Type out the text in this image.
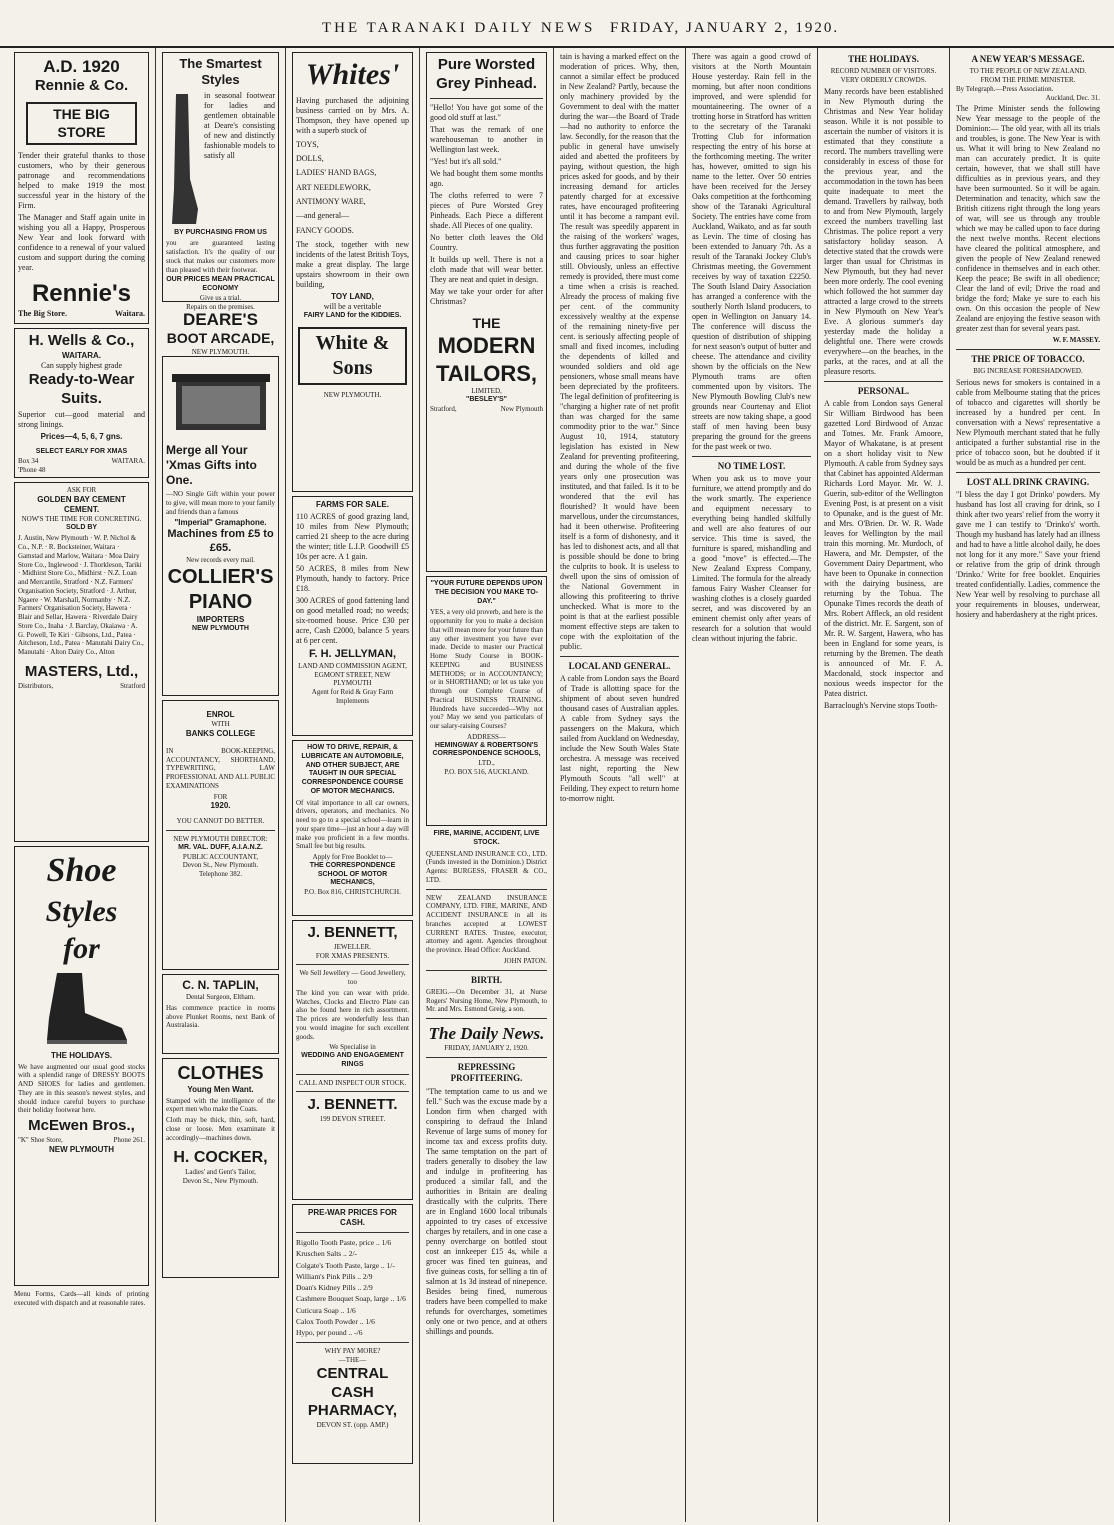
THE TARANAKI DAILY NEWS FRIDAY, JANUARY 2, 1920.
A.D. 1920
Rennie & Co.
THE BIG STORE

Tender their grateful thanks to those customers, who by their generous patronage and recommendations helped to make 1919 the most successful year in the history of the Firm.

The Manager and Staff again unite in wishing you all a Happy, Prosperous New Year and look forward with confidence to a renewal of your valued custom and support during the coming year.

Rennie's
The Big Store.	Waitara.
H. Wells & Co.,
WAITARA.
Can supply highest grade
Ready-to-Wear
Suits.

Superior cut—good material and strong linings.

Prices—4, 5, 6, 7 gns.
SELECT EARLY FOR XMAS
Box 34	WAITARA.
'Phone 48
ASK FOR
GOLDEN BAY CEMENT
CEMENT.
NOW'S THE TIME FOR CONCRETING.
SOLD BY

J. Austin, New Plymouth · W. P. Nichol & Co., N.P. · R. Bocksteiner, Waitara · Gamstad and Marlow, Waitara · Moa Dairy Store Co., Inglewood · J. Thorkleson, Tariki · Midhirst Store Co., Midhirst · N.Z. Loan and Mercantile, Stratford · N.Z. Farmers' Organisation Society, Stratford · J. Arthur, Ngaere · W. Marshall, Normanby · N.Z. Farmers' Organisation Society, Hawera · Blair and Sellar, Hawera · Riverdale Dairy Store Co., Inaha · J. Barclay, Okaiawa · A. G. Powell, Te Kiri · Gibsons, Ltd., Patea · Aitcheson, Ltd., Patea · Manutahi Dairy Co., Manutahi · Alton Dairy Co., Alton

MASTERS, Ltd.,
Distributors,	Stratford
Shoe
Styles
for
THE HOLIDAYS.

We have augmented our usual good stocks with a splendid range of DRESSY BOOTS AND SHOES for ladies and gentlemen. They are in this season's newest styles, and should induce careful buyers to purchase their holiday footwear here.

McEwen Bros.,
"K" Shoe Store,	Phone 261.
NEW PLYMOUTH

Menu Forms, Cards—all kinds of printing executed with dispatch and at reasonable rates.

The Smartest Styles

in seasonal footwear for ladies and gentlemen obtainable at Deare's consisting of new and distinctly fashionable models to satisfy all

BY PURCHASING FROM US

you are guaranteed lasting satisfaction. It's the quality of our stock that makes our customers more than pleased with their footwear.

OUR PRICES MEAN PRACTICAL ECONOMY
Give us a trial.
Repairs on the premises.
DEARE'S
BOOT ARCADE,
NEW PLYMOUTH.
Merge all Your 'Xmas Gifts into One.

—NO Single Gift within your power to give, will mean more to your family and friends than a famous

"Imperial" Gramaphone.
Machines from £5 to £65.
New records every mail.
COLLIER'S
PIANO
IMPORTERS
NEW PLYMOUTH
ENROL
WITH
BANKS COLLEGE

IN BOOK-KEEPING, ACCOUNTANCY, SHORTHAND, TYPEWRITING, LAW PROFESSIONAL AND ALL PUBLIC EXAMINATIONS

FOR
1920.
YOU CANNOT DO BETTER.
NEW PLYMOUTH DIRECTOR:
MR. VAL. DUFF, A.I.A.N.Z.
PUBLIC ACCOUNTANT,
Devon St., New Plymouth.
Telephone 382.
C. N. TAPLIN,
Dental Surgeon, Eltham.

Has commence practice in rooms above Plunket Rooms, next Bank of Australasia.

CLOTHES
Young Men Want.

Stamped with the intelligence of the expert men who make the Coats.

Cloth may be thick, thin, soft, hard, close or loose. Men examinate it accordingly—machines down.

H. COCKER,
Ladies' and Gent's Tailor,
Devon St., New Plymouth.
Whites'

Having purchased the adjoining business carried on by Mrs. A. Thompson, they have opened up with a superb stock of

TOYS,
DOLLS,
LADIES' HAND BAGS,
ART NEEDLEWORK,
ANTIMONY WARE,
—and general—
FANCY GOODS.

The stock, together with new incidents of the latest British Toys, make a great display. The large upstairs showroom in their own building,

TOY LAND,
will be a veritable
FAIRY LAND for the KIDDIES.
White & Sons
NEW PLYMOUTH.
FARMS FOR SALE.

110 ACRES of good grazing land, 10 miles from New Plymouth; carried 21 sheep to the acre during the winter; title L.I.P. Goodwill £5 10s per acre. A 1 gain.

50 ACRES, 8 miles from New Plymouth, handy to factory. Price £18.

300 ACRES of good fattening land on good metalled road; no weeds; six-roomed house. Price £30 per acre, Cash £2000, balance 5 years at 6 per cent.

F. H. JELLYMAN,
LAND AND COMMISSION AGENT, EGMONT STREET, NEW PLYMOUTH
Agent for Reid & Gray Farm Implements
HOW TO DRIVE, REPAIR, & LUBRICATE AN AUTOMOBILE, AND OTHER SUBJECT, ARE TAUGHT IN OUR SPECIAL CORRESPONDENCE COURSE OF MOTOR MECHANICS.

Of vital importance to all car owners, drivers, operators, and mechanics. No need to go to a special school—learn in your spare time—just an hour a day will make you proficient in a few months. Small fee but big results.

Apply for Free Booklet to—
THE CORRESPONDENCE SCHOOL OF MOTOR MECHANICS,
P.O. Box 816, CHRISTCHURCH.
J. BENNETT,
JEWELLER.
FOR XMAS PRESENTS.
We Sell Jewellery — Good Jewellery, too

The kind you can wear with pride. Watches, Clocks and Electro Plate can also be found here in rich assortment. The prices are wonderfully less than you would imagine for such excellent goods.

We Specialise in
WEDDING AND ENGAGEMENT RINGS
CALL AND INSPECT OUR STOCK.
J. BENNETT.
199 DEVON STREET.
PRE-WAR PRICES FOR CASH.
Rigollo Tooth Paste, price .. 1/6
Kruschen Salts .. 2/-
Colgate's Tooth Paste, large .. 1/-
William's Pink Pills .. 2/9
Doan's Kidney Pills .. 2/9
Cashmere Bouquet Soap, large .. 1/6
Cuticura Soap .. 1/6
Calox Tooth Powder .. 1/6
Hypo, per pound .. -/6
WHY PAY MORE?
—THE—
CENTRAL CASH PHARMACY,
DEVON ST. (opp. AMP.)
Pure Worsted
Grey Pinhead.

"Hello! You have got some of the good old stuff at last."

That was the remark of one warehouseman to another in Wellington last week.

"Yes! but it's all sold."

We had bought them some months ago.

The cloths referred to were 7 pieces of Pure Worsted Grey Pinheads. Each Piece a different shade. All Pieces of one quality.

No better cloth leaves the Old Country.

It builds up well. There is not a cloth made that will wear better. They are neat and quiet in design.

May we take your order for after Christmas?

THE
MODERN
TAILORS,
LIMITED,
"BESLEY'S"
Stratford,	New Plymouth
"YOUR FUTURE DEPENDS UPON THE DECISION YOU MAKE TO-DAY."

YES, a very old proverb, and here is the opportunity for you to make a decision that will mean more for your future than any other investment you have ever made. Decide to master our Practical Home Study Course in BOOK-KEEPING and BUSINESS METHODS; or in ACCOUNTANCY; or in SHORTHAND; or let us take you through our Complete Course of Practical BUSINESS TRAINING. Hundreds have succeeded—Why not you? May we send you particulars of our salary-raising Courses?

ADDRESS—
HEMINGWAY & ROBERTSON'S CORRESPONDENCE SCHOOLS,
LTD.,
P.O. BOX 516, AUCKLAND.
FIRE, MARINE, ACCIDENT, LIVE STOCK.

QUEENSLAND INSURANCE CO., LTD. (Funds invested in the Dominion.) District Agents: BURGESS, FRASER & CO., LTD.

NEW ZEALAND INSURANCE COMPANY, LTD. FIRE, MARINE, AND ACCIDENT INSURANCE in all its branches accepted at LOWEST CURRENT RATES. Trustee, executor, attorney and agent. Agencies throughout the province. Head Office: Auckland.

JOHN PATON.
BIRTH.

GREIG.—On December 31, at Nurse Rogers' Nursing Home, New Plymouth, to Mr. and Mrs. Esmond Greig, a son.

The Daily News.
FRIDAY, JANUARY 2, 1920.
REPRESSING PROFITEERING.

"The temptation came to us and we fell." Such was the excuse made by a London firm when charged with conspiring to defraud the Inland Revenue of large sums of money for income tax and excess profits duty. The same temptation on the part of traders generally to disobey the law and indulge in profiteering has produced a similar fall, and the authorities in Britain are dealing drastically with the culprits. There are in England 1600 local tribunals appointed to try cases of excessive charges by retailers, and in one case a penny overcharge on bottled stout cost an innkeeper £15 4s, while a grocer was fined ten guineas, and five guineas costs, for selling a tin of salmon at 1s 3d instead of ninepence. Besides being fined, numerous traders have been compelled to make refunds for overcharges, sometimes only one or two pence, and at others shillings and pounds.

tain is having a marked effect on the moderation of prices. Why, then, cannot a similar effect be produced in New Zealand? Partly, because the only machinery provided by the Government to deal with the matter during the war—the Board of Trade—had no authority to enforce the law. Secondly, for the reason that the public in general have unwisely aided and abetted the profiteers by paying, without question, the high prices asked for goods, and by their increasing demand for articles patently charged for at excessive rates, have encouraged profiteering until it has become a rampant evil. The result was speedily apparent in the raising of the workers' wages, thus further aggravating the position and causing prices to soar higher still. Obviously, unless an effective remedy is provided, there must come a time when a crisis is reached. Already the process of making five per cent. of the community excessively wealthy at the expense of the remaining ninety-five per cent. is seriously affecting people of small and fixed incomes, including the dependents of killed and wounded soldiers and old age pensioners, whose small means have been depreciated by the profiteers. The legal definition of profiteering is "charging a higher rate of net profit than was charged for the same commodity prior to the war." Since August 10, 1914, statutory legislation has existed in New Zealand for preventing profiteering, and during the whole of the five years only one prosecution was instituted, and that failed. Is it to be wondered that the evil has flourished? It would have been marvellous, under the circumstances, had it been otherwise. Profiteering itself is a form of dishonesty, and it has led to dishonest acts, and all that is possible should be done to bring the culprits to book. It is useless to dwell upon the sins of omission of the National Government in allowing this profiteering to thrive unchecked. What is more to the point is that at the earliest possible moment effective steps are taken to cope with the exploitation of the public.

LOCAL AND GENERAL.

A cable from London says the Board of Trade is allotting space for the shipment of about seven hundred thousand cases of Australian apples. A cable from Sydney says the passengers on the Makura, which sailed from Auckland on Wednesday, include the New South Wales State orchestra. A message was received last night, reporting the New Plymouth Scouts "all well" at Feilding. They expect to return home to-morrow night.

There was again a good crowd of visitors at the North Mountain House yesterday. Rain fell in the morning, but after noon conditions improved, and were splendid for mountaineering. The owner of a trotting horse in Stratford has written to the secretary of the Taranaki Trotting Club for information respecting the entry of his horse at the forthcoming meeting. The writer has, however, omitted to sign his name to the letter. Over 50 entries have been received for the Jersey Oaks competition at the forthcoming show of the Taranaki Agricultural Society. The entries have come from Auckland, Waikato, and as far south as Levin. The time of closing has been extended to January 7th. As a result of the Taranaki Jockey Club's Christmas meeting, the Government receives by way of taxation £2250. The South Island Dairy Association has arranged a conference with the southerly North Island producers, to open in Wellington on January 14. The conference will discuss the question of distribution of shipping for next season's output of butter and cheese. The attendance and civility shown by the officials on the New Plymouth trams are often commented upon by visitors. The New Plymouth Bowling Club's new grounds near Courtenay and Eliot streets are now taking shape, a good staff of men having been busy preparing the ground for the greens for the past week or two.

NO TIME LOST.

When you ask us to move your furniture, we attend promptly and do the work smartly. The experience and equipment necessary to everything being handled skilfully and well are also features of our service. This time is saved, the furniture is spared, mishandling and a good "move" is effected.—The New Zealand Express Company, Limited. The formula for the already famous Fairy Washer Cleanser for washing clothes is a closely guarded secret, and was discovered by an eminent chemist only after years of research for a solution that would clean without injuring the fabric.

THE HOLIDAYS.
RECORD NUMBER OF VISITORS.
VERY ORDERLY CROWDS.

Many records have been established in New Plymouth during the Christmas and New Year holiday season. While it is not possible to ascertain the number of visitors it is estimated that they constitute a record. The numbers travelling were considerably in excess of those for the previous year, and the accommodation in the town has been quite inadequate to meet the demand. Travellers by railway, both to and from New Plymouth, largely exceed the numbers travelling last Christmas. The police report a very satisfactory holiday season. A detective stated that the crowds were larger than usual for Christmas in New Plymouth, but they had never been more orderly. The cool evening which followed the hot summer day attracted a large crowd to the streets in New Plymouth on New Year's Eve. A glorious summer's day yesterday made the holiday a delightful one. There were crowds everywhere—on the beaches, in the parks, at the races, and at all the pleasure resorts.

PERSONAL.

A cable from London says General Sir William Birdwood has been gazetted Lord Birdwood of Anzac and Totnes. Mr. Frank Amoore, Mayor of Whakatane, is at present on a short holiday visit to New Plymouth. A cable from Sydney says that Cabinet has appointed Alderman Richards Lord Mayor. Mr. W. J. Guerin, sub-editor of the Wellington Evening Post, is at present on a visit to Opunake, and is the guest of Mr. and Mrs. O'Brien. Dr. W. R. Wade leaves for Wellington by the mail train this morning. Mr. Murdoch, of Hawera, and Mr. Dempster, of the Government Dairy Department, who have been to Opunake in connection with the dairying business, are returning by the Tohua. The Opunake Times records the death of Mrs. Robert Affleck, an old resident of the district. Mr. E. Sargent, son of Mr. R. W. Sargent, Hawera, who has been in England for some years, is returning by the Bremen. The death is announced of Mr. F. A. Macdonald, stock inspector and noxious weeds inspector for the Patea district.

Barraclough's Nervine stops Tooth-

A NEW YEAR'S MESSAGE.
TO THE PEOPLE OF NEW ZEALAND.
FROM THE PRIME MINISTER.
By Telegraph.—Press Association.
Auckland, Dec. 31.

The Prime Minister sends the following New Year message to the people of the Dominion:— The old year, with all its trials and troubles, is gone. The New Year is with us. What it will bring to New Zealand no man can accurately predict. It is quite certain, however, that we shall still have difficulties as in previous years, and they have been surmounted. So it will be again. Determination and tenacity, which saw the British citizens right through the long years of war, will see us through any trouble which we may be called upon to face during the next twelve months. Recent elections have cleared the political atmosphere, and given the people of New Zealand renewed confidence in themselves and in each other. Keep the peace; Be swift in all obedience; Clear the land of evil; Drive the road and bridge the ford; Make ye sure to each his own. On this occasion the people of New Zealand are enjoying the festive season with greater zest than for several years past.

W. F. MASSEY.
THE PRICE OF TOBACCO.
BIG INCREASE FORESHADOWED.

Serious news for smokers is contained in a cable from Melbourne stating that the prices of tobacco and cigarettes will shortly be increased by a hundred per cent. In conversation with a News' representative a New Plymouth merchant stated that he fully anticipated a further substantial rise in the price of tobacco soon, but he doubted if it would be as much as a hundred per cent.

LOST ALL DRINK CRAVING.

"I bless the day I got Drinko' powders. My husband has lost all craving for drink, so I think after two years' relief from the worry it gave me I can testify to 'Drinko's' worth. Though my husband has lately had an illness and had to have a little alcohol daily, he does not long for it any more." Save your friend or relative from the grip of drink through 'Drinko.' Write for free booklet. Enquiries treated confidentially. Ladies, commence the New Year well by resolving to purchase all your requirements in blouses, underwear, hosiery and haberdashery at the right prices.
